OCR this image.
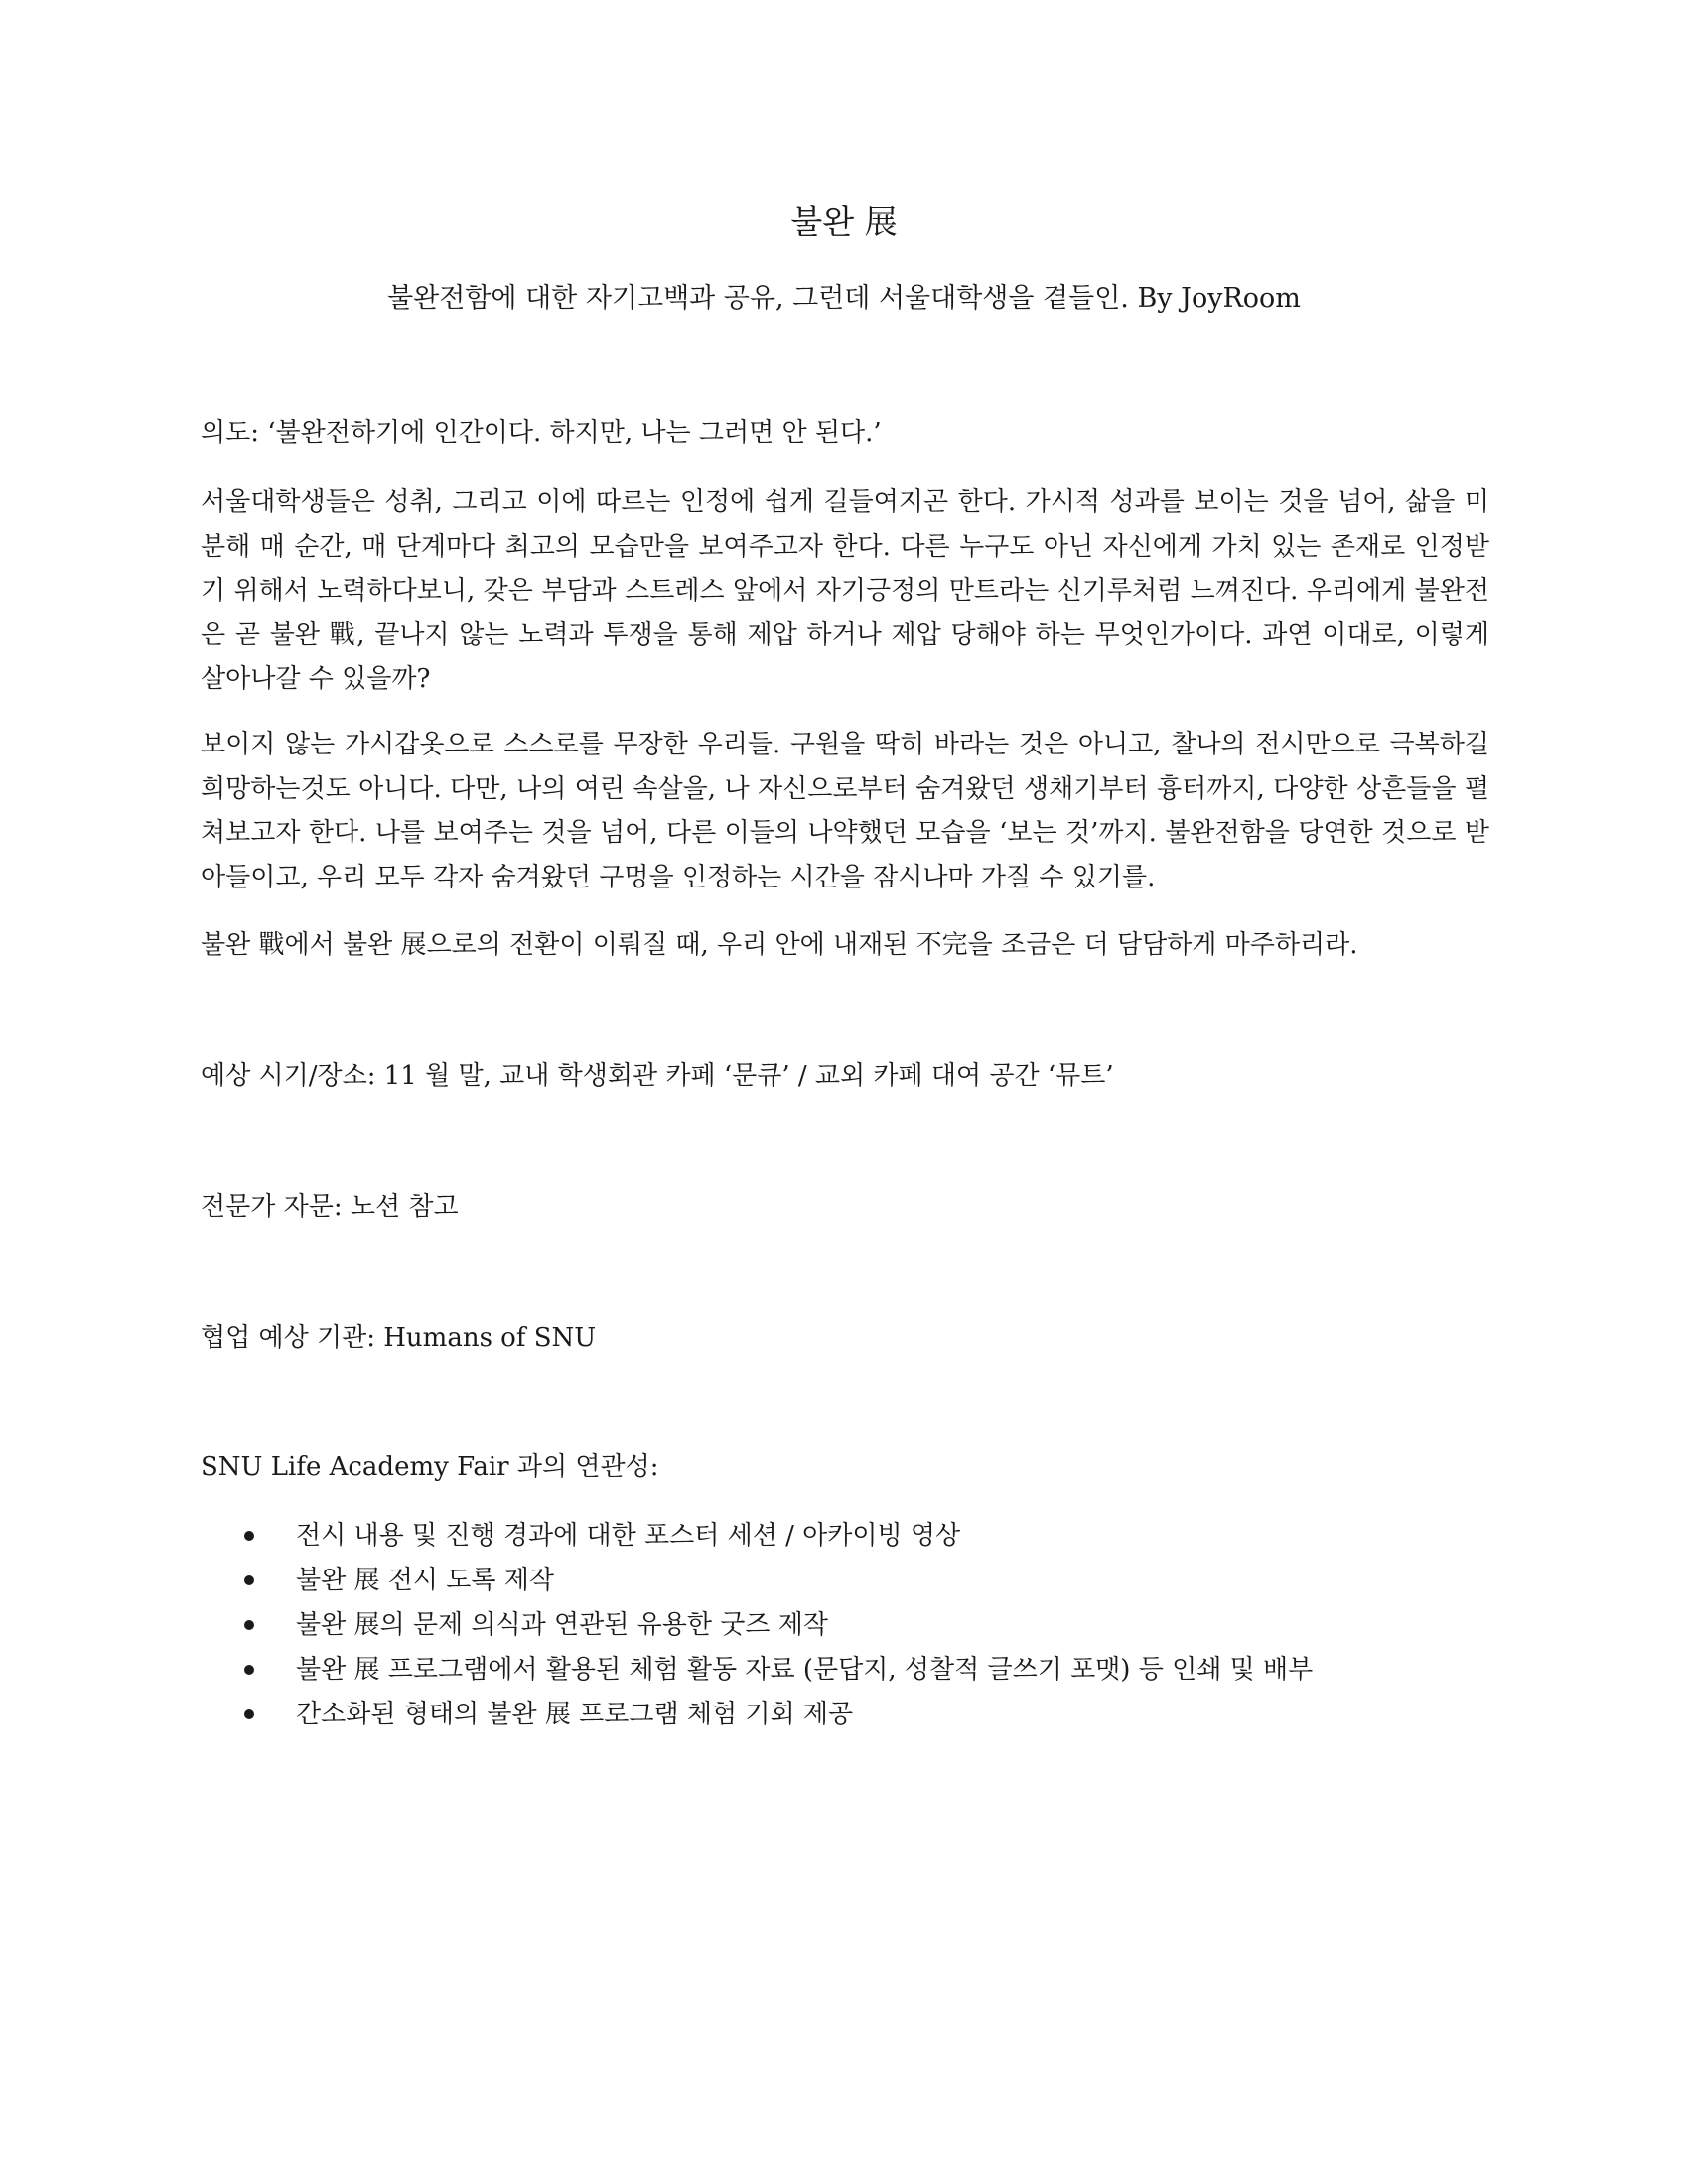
불완 展

불완전함에 대한 자기고백과 공유, 그런데 서울대학생을 곁들인. By JoyRoom

의도: ‘불완전하기에 인간이다. 하지만, 나는 그러면 안 된다.’

서울대학생들은 성취, 그리고 이에 따르는 인정에 쉽게 길들여지곤 한다. 가시적 성과를 보이는 것을 넘어, 삶을 미분해 매 순간, 매 단계마다 최고의 모습만을 보여주고자 한다. 다른 누구도 아닌 자신에게 가치 있는 존재로 인정받기 위해서 노력하다보니, 갖은 부담과 스트레스 앞에서 자기긍정의 만트라는 신기루처럼 느껴진다. 우리에게 불완전은 곧 불완 戰, 끝나지 않는 노력과 투쟁을 통해 제압 하거나 제압 당해야 하는 무엇인가이다. 과연 이대로, 이렇게 살아나갈 수 있을까?

보이지 않는 가시갑옷으로 스스로를 무장한 우리들. 구원을 딱히 바라는 것은 아니고, 찰나의 전시만으로 극복하길 희망하는것도 아니다. 다만, 나의 여린 속살을, 나 자신으로부터 숨겨왔던 생채기부터 흉터까지, 다양한 상흔들을 펼쳐보고자 한다. 나를 보여주는 것을 넘어, 다른 이들의 나약했던 모습을 ‘보는 것’까지. 불완전함을 당연한 것으로 받아들이고, 우리 모두 각자 숨겨왔던 구멍을 인정하는 시간을 잠시나마 가질 수 있기를.

불완 戰에서 불완 展으로의 전환이 이뤄질 때, 우리 안에 내재된 不完을 조금은 더 담담하게 마주하리라.

예상 시기/장소: 11 월 말, 교내 학생회관 카페 ‘문큐’ / 교외 카페 대여 공간 ‘뮤트’

전문가 자문: 노션 참고

협업 예상 기관: Humans of SNU

SNU Life Academy Fair 과의 연관성:

전시 내용 및 진행 경과에 대한 포스터 세션 / 아카이빙 영상
불완 展 전시 도록 제작
불완 展의 문제 의식과 연관된 유용한 굿즈 제작
불완 展 프로그램에서 활용된 체험 활동 자료 (문답지, 성찰적 글쓰기 포맷) 등 인쇄 및 배부
간소화된 형태의 불완 展 프로그램 체험 기회 제공
